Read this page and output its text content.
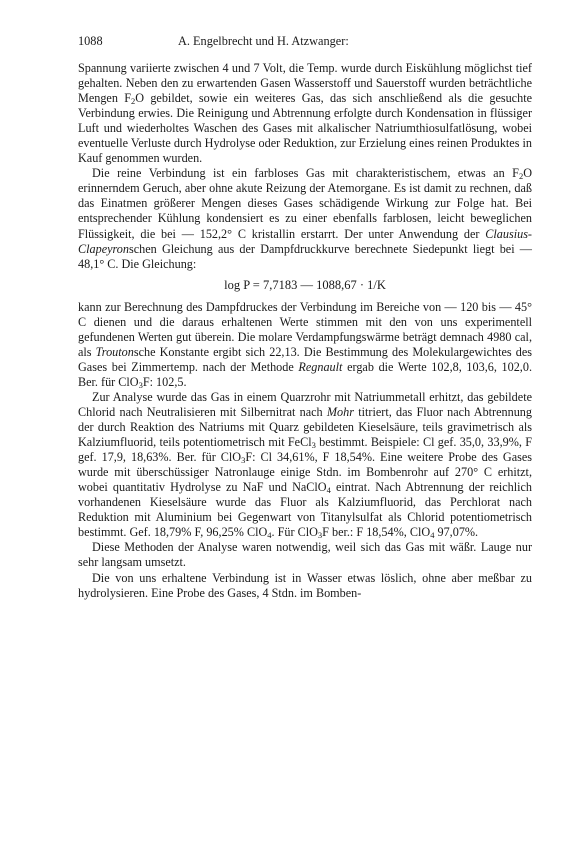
1088	A. Engelbrecht und H. Atzwanger:

Spannung variierte zwischen 4 und 7 Volt, die Temp. wurde durch Eiskühlung möglichst tief gehalten. Neben den zu erwartenden Gasen Wasserstoff und Sauerstoff wurden beträchtliche Mengen $F_2O$ gebildet, sowie ein weiteres Gas, das sich anschließend als die gesuchte Verbindung erwies. Die Reinigung und Abtrennung erfolgte durch Kondensation in flüssiger Luft und wiederholtes Waschen des Gases mit alkalischer Natriumthiosulfatlösung, wobei eventuelle Verluste durch Hydrolyse oder Reduktion, zur Erzielung eines reinen Produktes in Kauf genommen wurden.

Die reine Verbindung ist ein farbloses Gas mit charakteristischem, etwas an $F_2O$ erinnerndem Geruch, aber ohne akute Reizung der Atemorgane. Es ist damit zu rechnen, daß das Einatmen größerer Mengen dieses Gases schädigende Wirkung zur Folge hat. Bei entsprechender Kühlung kondensiert es zu einer ebenfalls farblosen, leicht beweglichen Flüssigkeit, die bei — 152,2° C kristallin erstarrt. Der unter Anwendung der Clausius-Clapeyronschen Gleichung aus der Dampfdruckkurve berechnete Siedepunkt liegt bei — 48,1° C. Die Gleichung:

log P = 7,7183 — 1088,67 · 1/K

kann zur Berechnung des Dampfdruckes der Verbindung im Bereiche von — 120 bis — 45° C dienen und die daraus erhaltenen Werte stimmen mit den von uns experimentell gefundenen Werten gut überein. Die molare Verdampfungswärme beträgt demnach 4980 cal, als Troutonsche Konstante ergibt sich 22,13. Die Bestimmung des Molekulargewichtes des Gases bei Zimmertemp. nach der Methode Regnault ergab die Werte 102,8, 103,6, 102,0. Ber. für ClO$_3$F: 102,5.

Zur Analyse wurde das Gas in einem Quarzrohr mit Natriummetall erhitzt, das gebildete Chlorid nach Neutralisieren mit Silbernitrat nach Mohr titriert, das Fluor nach Abtrennung der durch Reaktion des Natriums mit Quarz gebildeten Kieselsäure, teils gravimetrisch als Kalziumfluorid, teils potentiometrisch mit FeCl$_3$ bestimmt. Beispiele: Cl gef. 35,0, 33,9%, F gef. 17,9, 18,63%. Ber. für ClO$_3$F: Cl 34,61%, F 18,54%. Eine weitere Probe des Gases wurde mit überschüssiger Natronlauge einige Stdn. im Bombenrohr auf 270° C erhitzt, wobei quantitativ Hydrolyse zu NaF und NaClO$_4$ eintrat. Nach Abtrennung der reichlich vorhandenen Kieselsäure wurde das Fluor als Kalziumfluorid, das Perchlorat nach Reduktion mit Aluminium bei Gegenwart von Titanylsulfat als Chlorid potentiometrisch bestimmt. Gef. 18,79% F, 96,25% ClO$_4$. Für ClO$_3$F ber.: F 18,54%, ClO$_4$ 97,07%.

Diese Methoden der Analyse waren notwendig, weil sich das Gas mit wäßr. Lauge nur sehr langsam umsetzt.

Die von uns erhaltene Verbindung ist in Wasser etwas löslich, ohne aber meßbar zu hydrolysieren. Eine Probe des Gases, 4 Stdn. im Bomben-
